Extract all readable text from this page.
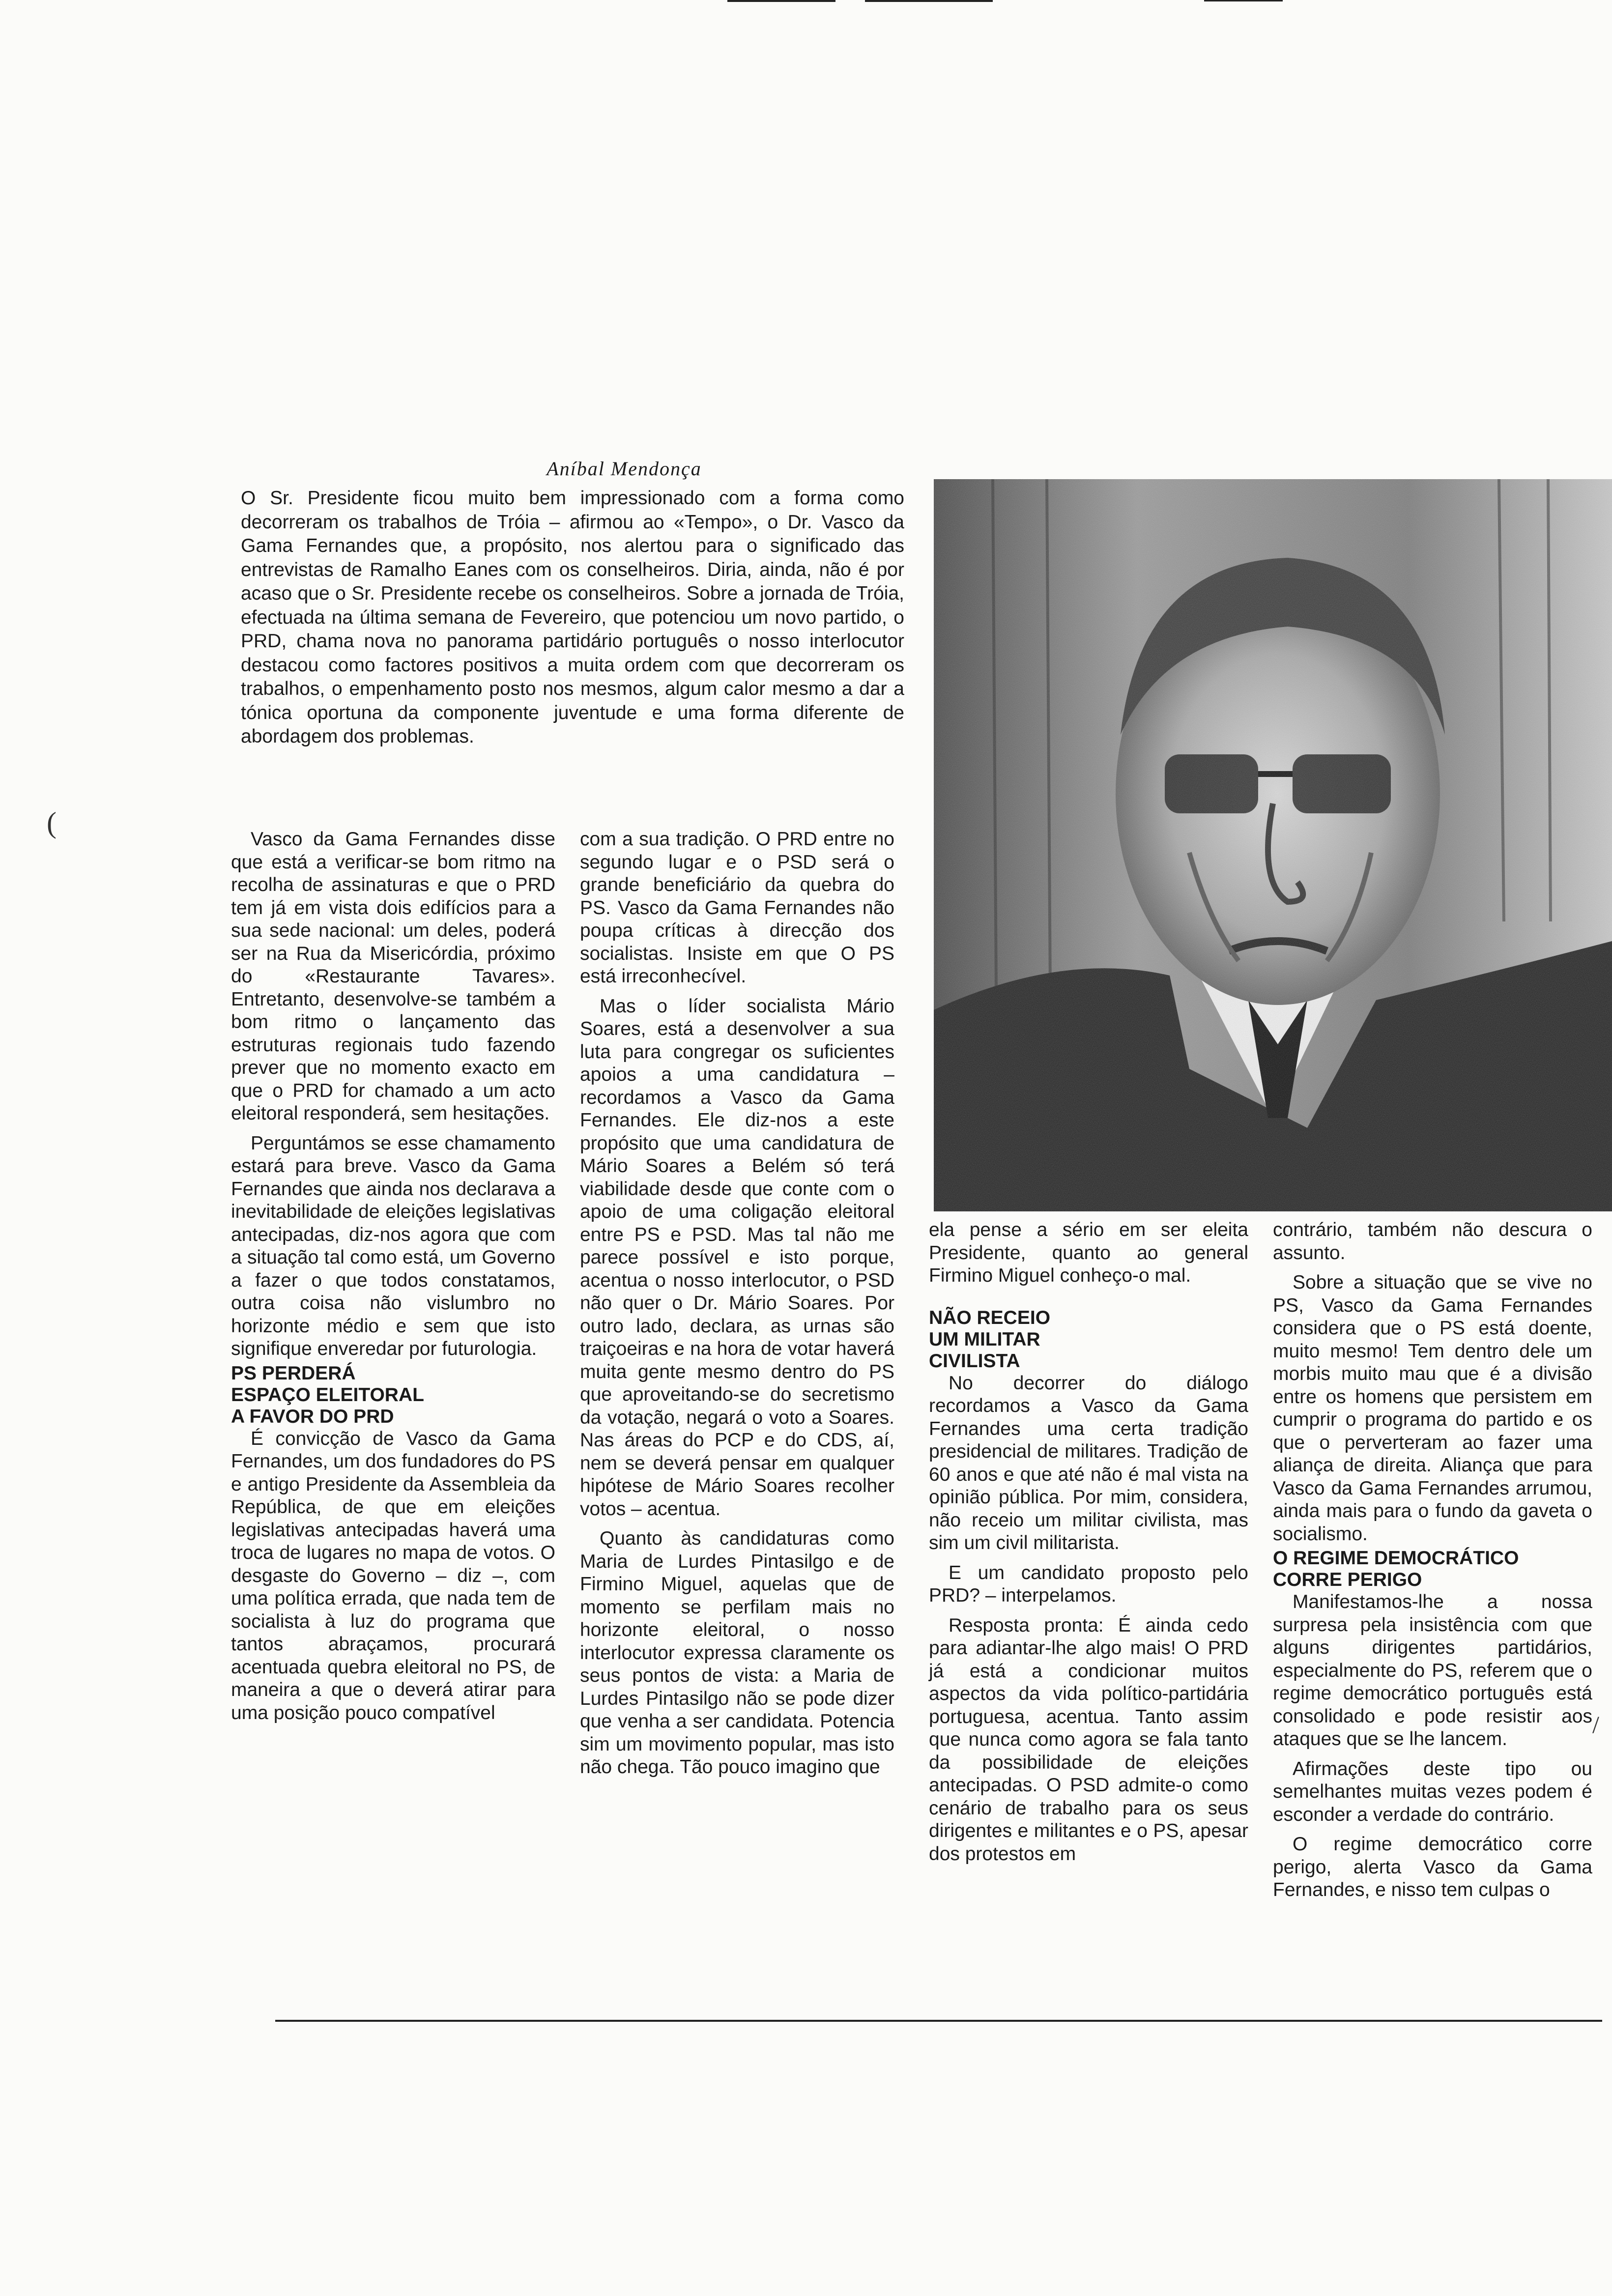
(
/
Aníbal Mendonça
O Sr. Presidente ficou muito bem impressionado com a forma como decorreram os trabalhos de Tróia – afirmou ao «Tempo», o Dr. Vasco da Gama Fernandes que, a propósito, nos alertou para o significado das entrevistas de Ramalho Eanes com os conselheiros. Diria, ainda, não é por acaso que o Sr. Presidente recebe os conselheiros. Sobre a jornada de Tróia, efectuada na última semana de Fevereiro, que potenciou um novo partido, o PRD, chama nova no panorama partidário português o nosso interlocutor destacou como factores positivos a muita ordem com que decorreram os trabalhos, o empenhamento posto nos mesmos, algum calor mesmo a dar a tónica oportuna da componente juventude e uma forma diferente de abordagem dos problemas.

Vasco da Gama Fernandes disse que está a verificar-se bom ritmo na recolha de assinaturas e que o PRD tem já em vista dois edifícios para a sua sede nacional: um deles, poderá ser na Rua da Misericórdia, próximo do «Restaurante Tavares». Entretanto, desenvolve-se também a bom ritmo o lançamento das estruturas regionais tudo fazendo prever que no momento exacto em que o PRD for chamado a um acto eleitoral responderá, sem hesitações.

Perguntámos se esse chamamento estará para breve. Vasco da Gama Fernandes que ainda nos declarava a inevitabilidade de eleições legislativas antecipadas, diz-nos agora que com a situação tal como está, um Governo a fazer o que todos constatamos, outra coisa não vislumbro no horizonte médio e sem que isto signifique enveredar por futurologia.

PS PERDERÁ
ESPAÇO ELEITORAL
A FAVOR DO PRD

É convicção de Vasco da Gama Fernandes, um dos fundadores do PS e antigo Presidente da Assembleia da República, de que em eleições legislativas antecipadas haverá uma troca de lugares no mapa de votos. O desgaste do Governo – diz –, com uma política errada, que nada tem de socialista à luz do programa que tantos abraçamos, procurará acentuada quebra eleitoral no PS, de maneira a que o deverá atirar para uma posição pouco compatível

com a sua tradição. O PRD entre no segundo lugar e o PSD será o grande beneficiário da quebra do PS. Vasco da Gama Fernandes não poupa críticas à direcção dos socialistas. Insiste em que O PS está irreconhecível.

Mas o líder socialista Mário Soares, está a desenvolver a sua luta para congregar os suficientes apoios a uma candidatura – recordamos a Vasco da Gama Fernandes. Ele diz-nos a este propósito que uma candidatura de Mário Soares a Belém só terá viabilidade desde que conte com o apoio de uma coligação eleitoral entre PS e PSD. Mas tal não me parece possível e isto porque, acentua o nosso interlocutor, o PSD não quer o Dr. Mário Soares. Por outro lado, declara, as urnas são traiçoeiras e na hora de votar haverá muita gente mesmo dentro do PS que aproveitando-se do secretismo da votação, negará o voto a Soares. Nas áreas do PCP e do CDS, aí, nem se deverá pensar em qualquer hipótese de Mário Soares recolher votos – acentua.

Quanto às candidaturas como Maria de Lurdes Pintasilgo e de Firmino Miguel, aquelas que de momento se perfilam mais no horizonte eleitoral, o nosso interlocutor expressa claramente os seus pontos de vista: a Maria de Lurdes Pintasilgo não se pode dizer que venha a ser candidata. Potencia sim um movimento popular, mas isto não chega. Tão pouco imagino que

ela pense a sério em ser eleita Presidente, quanto ao general Firmino Miguel conheço-o mal.

NÃO RECEIO
UM MILITAR
CIVILISTA

No decorrer do diálogo recordamos a Vasco da Gama Fernandes uma certa tradição presidencial de militares. Tradição de 60 anos e que até não é mal vista na opinião pública. Por mim, considera, não receio um militar civilista, mas sim um civil militarista.

E um candidato proposto pelo PRD? – interpelamos.

Resposta pronta: É ainda cedo para adiantar-lhe algo mais! O PRD já está a condicionar muitos aspectos da vida político-partidária portuguesa, acentua. Tanto assim que nunca como agora se fala tanto da possibilidade de eleições antecipadas. O PSD admite-o como cenário de trabalho para os seus dirigentes e militantes e o PS, apesar dos protestos em

contrário, também não descura o assunto.

Sobre a situação que se vive no PS, Vasco da Gama Fernandes considera que o PS está doente, muito mesmo! Tem dentro dele um morbis muito mau que é a divisão entre os homens que persistem em cumprir o programa do partido e os que o perverteram ao fazer uma aliança de direita. Aliança que para Vasco da Gama Fernandes arrumou, ainda mais para o fundo da gaveta o socialismo.

O REGIME DEMOCRÁTICO
CORRE PERIGO

Manifestamos-lhe a nossa surpresa pela insistência com que alguns dirigentes partidários, especialmente do PS, referem que o regime democrático português está consolidado e pode resistir aos ataques que se lhe lancem.

Afirmações deste tipo ou semelhantes muitas vezes podem é esconder a verdade do contrário.

O regime democrático corre perigo, alerta Vasco da Gama Fernandes, e nisso tem culpas o
